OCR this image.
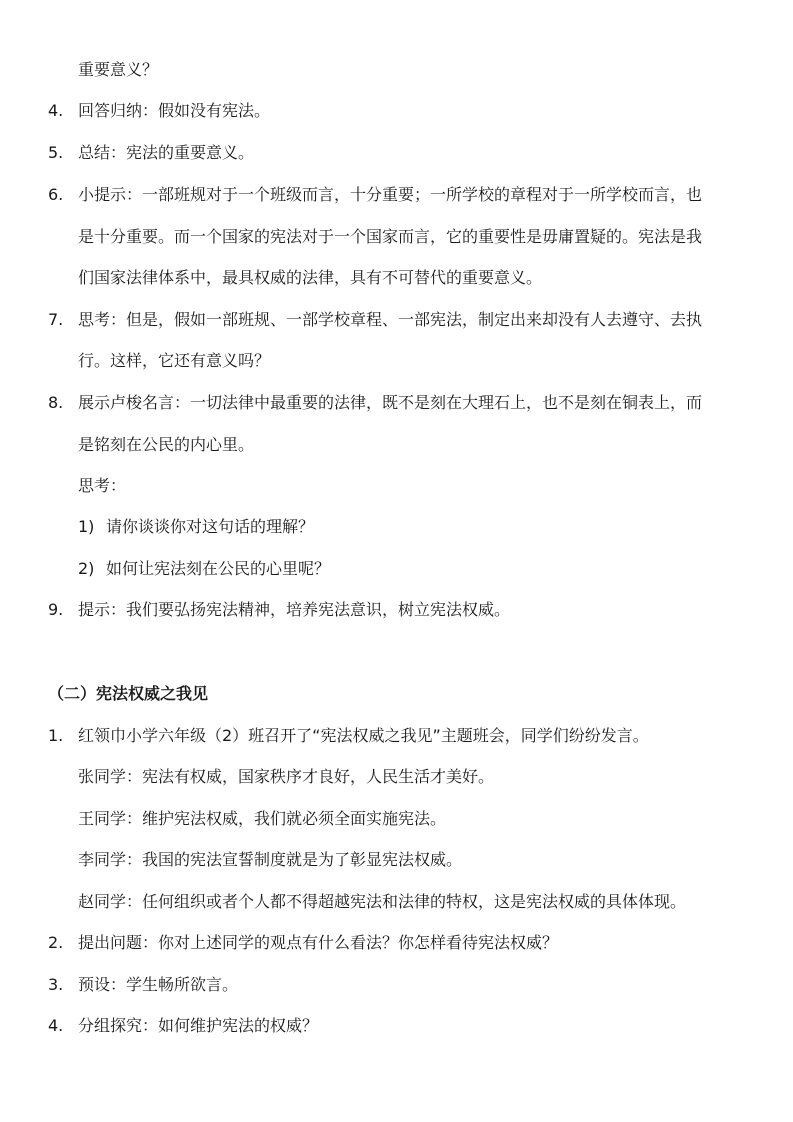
重要意义？
4. 回答归纳：假如没有宪法。
5. 总结：宪法的重要意义。
6. 小提示：一部班规对于一个班级而言，十分重要；一所学校的章程对于一所学校而言，也
是十分重要。而一个国家的宪法对于一个国家而言，它的重要性是毋庸置疑的。宪法是我
们国家法律体系中，最具权威的法律，具有不可替代的重要意义。
7. 思考：但是，假如一部班规、一部学校章程、一部宪法，制定出来却没有人去遵守、去执
行。这样，它还有意义吗？
8. 展示卢梭名言：一切法律中最重要的法律，既不是刻在大理石上，也不是刻在铜表上，而
是铭刻在公民的内心里。
思考：
1) 请你谈谈你对这句话的理解？
2) 如何让宪法刻在公民的心里呢？
9. 提示：我们要弘扬宪法精神，培养宪法意识，树立宪法权威。
（二）宪法权威之我见
1. 红领巾小学六年级（2）班召开了“宪法权威之我见”主题班会，同学们纷纷发言。
张同学：宪法有权威，国家秩序才良好，人民生活才美好。
王同学：维护宪法权威，我们就必须全面实施宪法。
李同学：我国的宪法宣誓制度就是为了彰显宪法权威。
赵同学：任何组织或者个人都不得超越宪法和法律的特权，这是宪法权威的具体体现。
2. 提出问题：你对上述同学的观点有什么看法？你怎样看待宪法权威？
3. 预设：学生畅所欲言。
4. 分组探究：如何维护宪法的权威？
